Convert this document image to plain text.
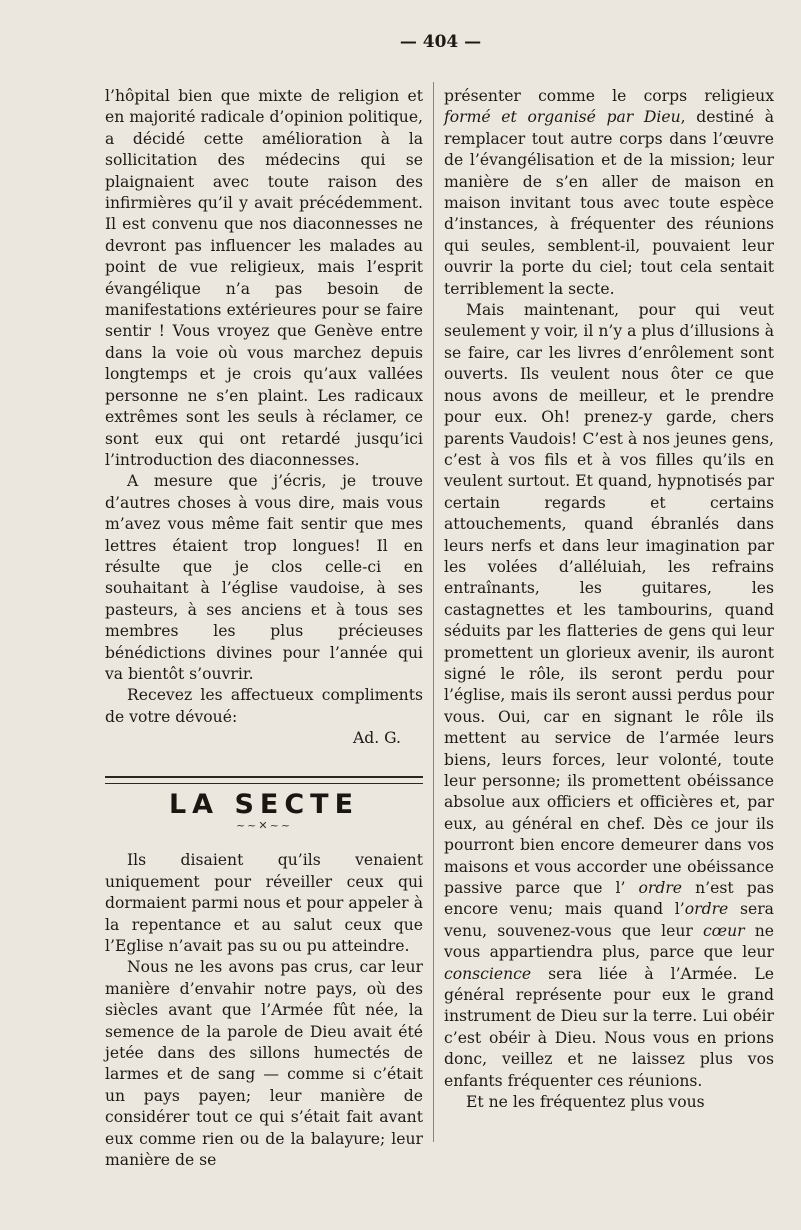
— 404 —

l’hôpital bien que mixte de religion et en majorité radicale d’opinion politique, a décidé cette amélioration à la sollicitation des médecins qui se plaignaient avec toute raison des infirmières qu’il y avait précédemment. Il est convenu que nos diaconnesses ne devront pas influencer les malades au point de vue religieux, mais l’esprit évangélique n’a pas besoin de manifestations extérieures pour se faire sentir ! Vous vroyez que Genève entre dans la voie où vous marchez depuis longtemps et je crois qu’aux vallées personne ne s’en plaint. Les radicaux extrêmes sont les seuls à réclamer, ce sont eux qui ont retardé jusqu’ici l’introduction des diaconnesses.

A mesure que j’écris, je trouve d’autres choses à vous dire, mais vous m’avez vous même fait sentir que mes lettres étaient trop longues! Il en résulte que je clos celle-ci en souhaitant à l’église vaudoise, à ses pasteurs, à ses anciens et à tous ses membres les plus précieuses bénédictions divines pour l’année qui va bientôt s’ouvrir.

Recevez les affectueux compliments de votre dévoué:

Ad. G.

LA SECTE
~~✕~~

Ils disaient qu’ils venaient uniquement pour réveiller ceux qui dormaient parmi nous et pour appeler à la repentance et au salut ceux que l’Eglise n’avait pas su ou pu atteindre.

Nous ne les avons pas crus, car leur manière d’envahir notre pays, où des siècles avant que l’Armée fût née, la semence de la parole de Dieu avait été jetée dans des sillons humectés de larmes et de sang — comme si c’était un pays payen; leur manière de considérer tout ce qui s’était fait avant eux comme rien ou de la balayure; leur manière de se

présenter comme le corps religieux formé et organisé par Dieu, destiné à remplacer tout autre corps dans l’œuvre de l’évangélisation et de la mission; leur manière de s’en aller de maison en maison invitant tous avec toute espèce d’instances, à fréquenter des réunions qui seules, semblent-il, pouvaient leur ouvrir la porte du ciel; tout cela sentait terriblement la secte.

Mais maintenant, pour qui veut seulement y voir, il n’y a plus d’illusions à se faire, car les livres d’enrôlement sont ouverts. Ils veulent nous ôter ce que nous avons de meilleur, et le prendre pour eux. Oh! prenez-y garde, chers parents Vaudois! C’est à nos jeunes gens, c’est à vos fils et à vos filles qu’ils en veulent surtout. Et quand, hypnotisés par certain regards et certains attouchements, quand ébranlés dans leurs nerfs et dans leur imagination par les volées d’alléluiah, les refrains entraînants, les guitares, les castagnettes et les tambourins, quand séduits par les flatteries de gens qui leur promettent un glorieux avenir, ils auront signé le rôle, ils seront perdu pour l’église, mais ils seront aussi perdus pour vous. Oui, car en signant le rôle ils mettent au service de l’armée leurs biens, leurs forces, leur volonté, toute leur personne; ils promettent obéissance absolue aux officiers et officières et, par eux, au général en chef. Dès ce jour ils pourront bien encore demeurer dans vos maisons et vous accorder une obéissance passive parce que l’ ordre n’est pas encore venu; mais quand l’ordre sera venu, souvenez-vous que leur cœur ne vous appartiendra plus, parce que leur conscience sera liée à l’Armée. Le général représente pour eux le grand instrument de Dieu sur la terre. Lui obéir c’est obéir à Dieu. Nous vous en prions donc, veillez et ne laissez plus vos enfants fréquenter ces réunions.

Et ne les fréquentez plus vous
